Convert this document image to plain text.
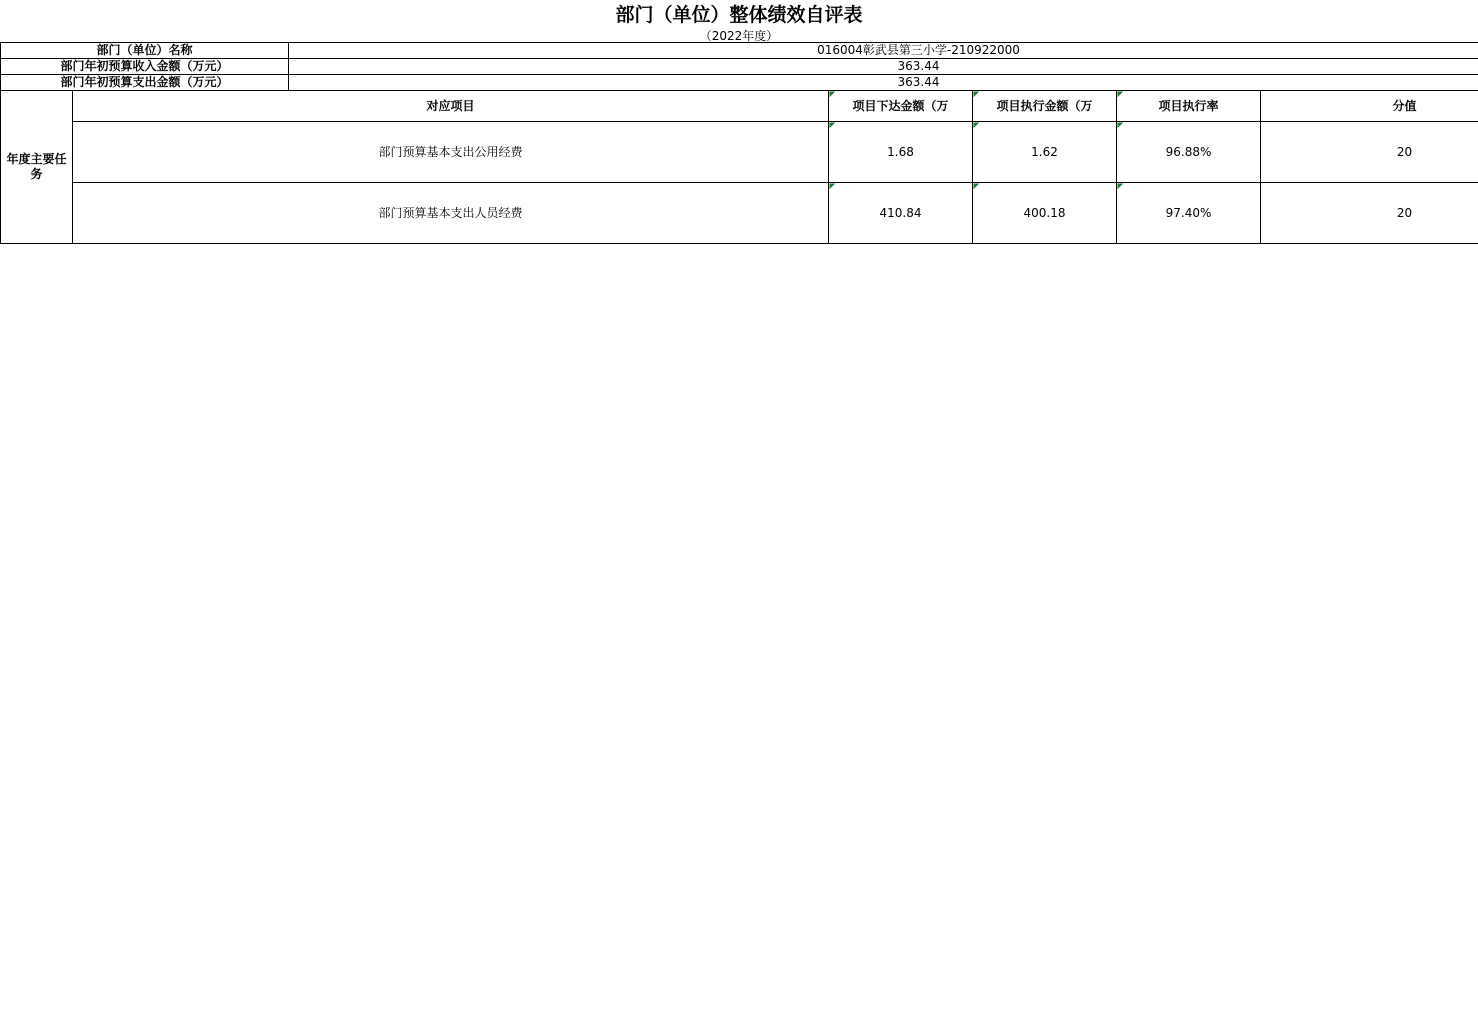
部门（单位）整体绩效自评表
（2022年度）
部门（单位）名称		016004彰武县第三小学-210922000					
部门年初预算收入金额（万元）		363.44					
部门年初预算支出金额（万元）		363.44					
年度主要任务	对应项目		项目下达金额（万	项目执行金额（万	项目执行率	分值	
	部门预算基本支出公用经费		1.68	1.62	96.88%	20	
	部门预算基本支出人员经费		410.84	400.18	97.40%	20	
